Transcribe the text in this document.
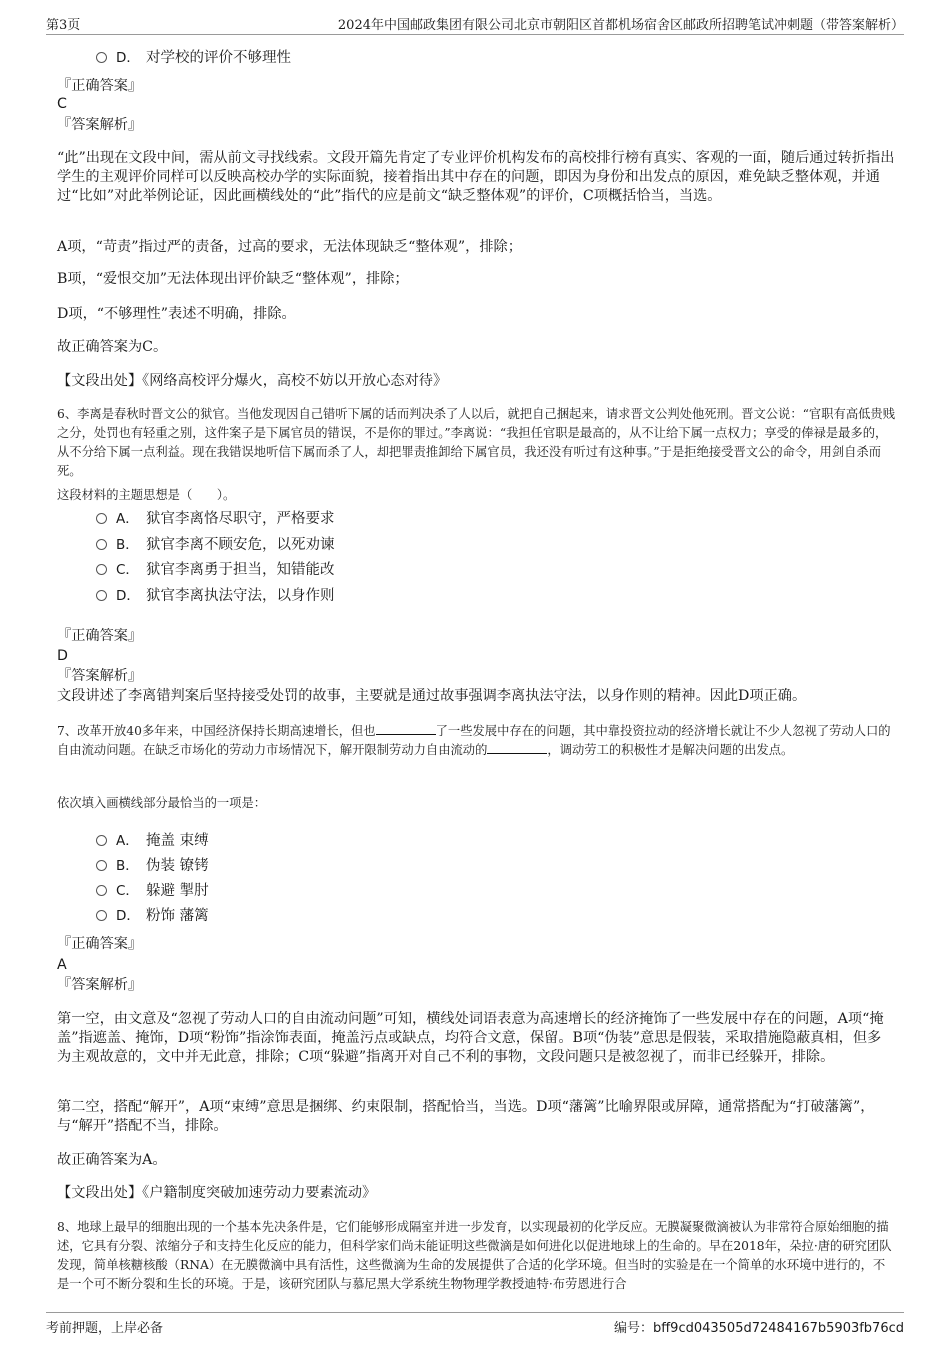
第3页	2024年中国邮政集团有限公司北京市朝阳区首都机场宿舍区邮政所招聘笔试冲刺题（带答案解析）
D． 对学校的评价不够理性
『正确答案』
C
『答案解析』
“此”出现在文段中间，需从前文寻找线索。文段开篇先肯定了专业评价机构发布的高校排行榜有真实、客观的一面，随后通过转折指出学生的主观评价同样可以反映高校办学的实际面貌，接着指出其中存在的问题，即因为身份和出发点的原因，难免缺乏整体观，并通过“比如”对此举例论证，因此画横线处的“此”指代的应是前文“缺乏整体观”的评价，C项概括恰当，当选。
A项，“苛责”指过严的责备，过高的要求，无法体现缺乏“整体观”，排除；
B项，“爱恨交加”无法体现出评价缺乏“整体观”，排除；
D项，“不够理性”表述不明确，排除。
故正确答案为C。
【文段出处】《网络高校评分爆火，高校不妨以开放心态对待》
6、李离是春秋时晋文公的狱官。当他发现因自己错听下属的话而判决杀了人以后，就把自己捆起来，请求晋文公判处他死刑。晋文公说：“官职有高低贵贱之分，处罚也有轻重之别，这件案子是下属官员的错误，不是你的罪过。”李离说：“我担任官职是最高的，从不让给下属一点权力；享受的俸禄是最多的，从不分给下属一点利益。现在我错误地听信下属而杀了人，却把罪责推卸给下属官员，我还没有听过有这种事。”于是拒绝接受晋文公的命令，用剑自杀而死。
这段材料的主题思想是（　　）。
A． 狱官李离恪尽职守，严格要求
B． 狱官李离不顾安危，以死劝谏
C． 狱官李离勇于担当，知错能改
D． 狱官李离执法守法，以身作则
『正确答案』
D
『答案解析』
文段讲述了李离错判案后坚持接受处罚的故事，主要就是通过故事强调李离执法守法，以身作则的精神。因此D项正确。
7、改革开放40多年来，中国经济保持长期高速增长，但也	了一些发展中存在的问题，其中靠投资拉动的经济增长就让不少人忽视了劳动人口的自由流动问题。在缺乏市场化的劳动力市场情况下，解开限制劳动力自由流动的	，调动劳工的积极性才是解决问题的出发点。
依次填入画横线部分最恰当的一项是：
A． 掩盖 束缚
B． 伪装 镣铐
C． 躲避 掣肘
D． 粉饰 藩篱
『正确答案』
A
『答案解析』
第一空，由文意及“忽视了劳动人口的自由流动问题”可知，横线处词语表意为高速增长的经济掩饰了一些发展中存在的问题，A项“掩盖”指遮盖、掩饰，D项“粉饰”指涂饰表面，掩盖污点或缺点，均符合文意，保留。B项“伪装”意思是假装，采取措施隐蔽真相，但多为主观故意的，文中并无此意，排除；C项“躲避”指离开对自己不利的事物，文段问题只是被忽视了，而非已经躲开，排除。
第二空，搭配“解开”，A项“束缚”意思是捆绑、约束限制，搭配恰当，当选。D项“藩篱”比喻界限或屏障，通常搭配为“打破藩篱”，与“解开”搭配不当，排除。
故正确答案为A。
【文段出处】《户籍制度突破加速劳动力要素流动》
8、地球上最早的细胞出现的一个基本先决条件是，它们能够形成隔室并进一步发育，以实现最初的化学反应。无膜凝聚微滴被认为非常符合原始细胞的描述，它具有分裂、浓缩分子和支持生化反应的能力，但科学家们尚未能证明这些微滴是如何进化以促进地球上的生命的。早在2018年，朵拉·唐的研究团队发现，简单核糖核酸（RNA）在无膜微滴中具有活性，这些微滴为生命的发展提供了合适的化学环境。但当时的实验是在一个简单的水环境中进行的，不是一个可不断分裂和生长的环境。于是，该研究团队与慕尼黑大学系统生物物理学教授迪特·布劳恩进行合
考前押题，上岸必备	编号：bff9cd043505d72484167b5903fb76cd
